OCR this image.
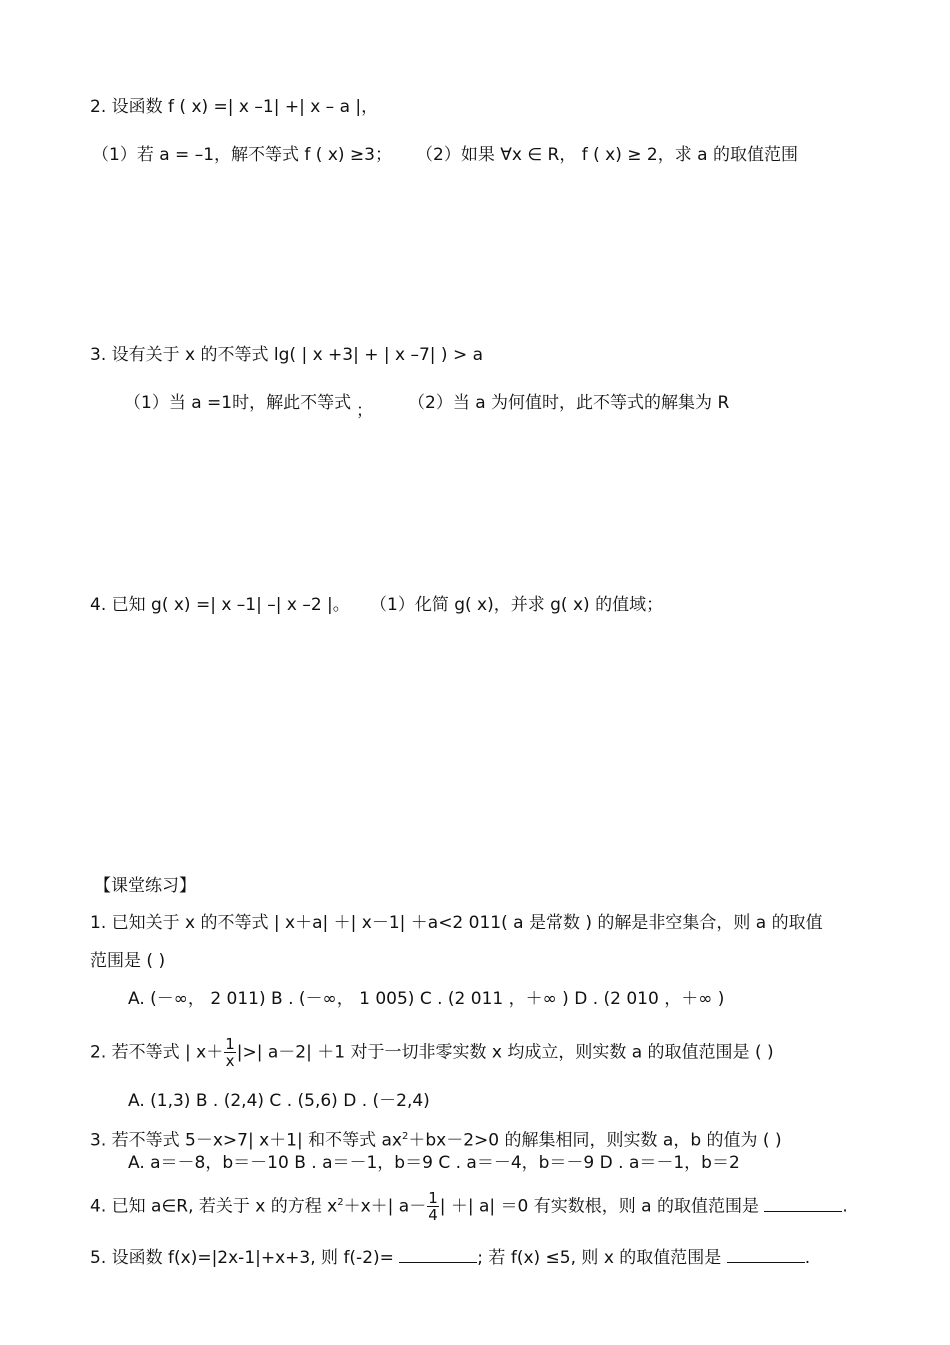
2. 设函数 f ( x) =| x –1| +| x – a |，
（1）若 a = –1，解不等式 f ( x) ≥3； （2）如果 ∀x ∈ R， f ( x) ≥ 2，求 a 的取值范围
3. 设有关于 x 的不等式 lg( | x +3| + | x –7| ) > a
（1）当 a =1时，解此不等式 ； （2）当 a 为何值时，此不等式的解集为 R
4. 已知 g( x) =| x –1| –| x –2 |。 （1）化简 g( x)，并求 g( x) 的值域；
【课堂练习】
1. 已知关于 x 的不等式 | x＋a| ＋| x－1| ＋a<2 011( a 是常数 ) 的解是非空集合，则 a 的取值
范围是 ( )
A. (－∞， 2 011) B . (－∞， 1 005) C . (2 011 ，＋∞ ) D . (2 010 ，＋∞ )
2. 若不等式 | $x+ \frac{1}{x}$ |>| a－2| ＋1 对于一切非零实数 x 均成立，则实数 a 的取值范围是 ( )
A. (1,3) B . (2,4) C . (5,6) D . (－2,4)
3. 若不等式 5－x>7| x＋1| 和不等式 $ax^2+bx-2>0$ 的解集相同，则实数 a，b 的值为 ( )
A. a＝－8，b＝－10 B . a＝－1，b＝9 C . a＝－4，b＝－9 D . a＝－1，b＝2
4. 已知 a∈R, 若关于 x 的方程 $x^2+x+|$ $a- \frac{1}{4}$ | ＋| a| ＝0 有实数根，则 a 的取值范围是	.
5. 设函数 f(x)=|2x-1|+x+3, 则 f(-2)=	; 若 f(x) ≤5, 则 x 的取值范围是	.
